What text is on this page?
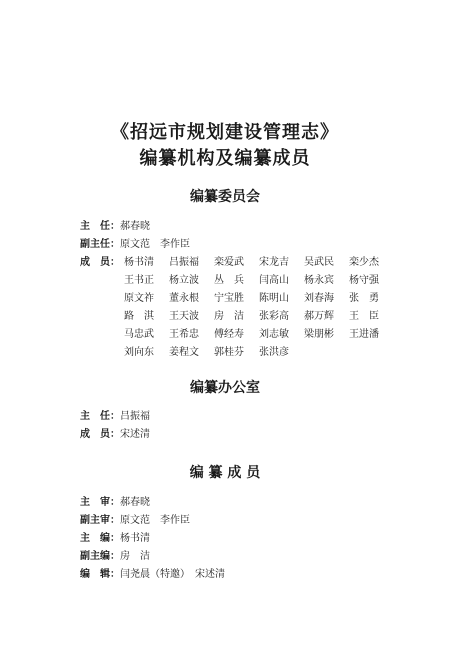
《招远市规划建设管理志》
编纂机构及编纂成员
编纂委员会
主　任：郝春晓
副主任：原文范　李作臣
成　员： 杨书清 吕振福 栾爱武 宋龙吉 吴武民 栾少杰
王书正 杨立波 丛　兵 闫高山 杨永宾 杨守强
原文祚 董永根 宁宝胜 陈明山 刘春海 张　勇
路　淇 王天波 房　洁 张彩高 郝万辉 王　臣
马忠武 王希忠 傅经寿 刘志敏 梁朋彬 王进潘
刘向东 姜程文 郭桂芬 张洪彦
编纂办公室
主　任：吕振福
成　员：宋述清
编 纂 成 员
主　审：郝春晓
副主审：原文范　李作臣
主　编：杨书清
副主编：房　洁
编　辑：闫尧晨（特邀）　宋述清
